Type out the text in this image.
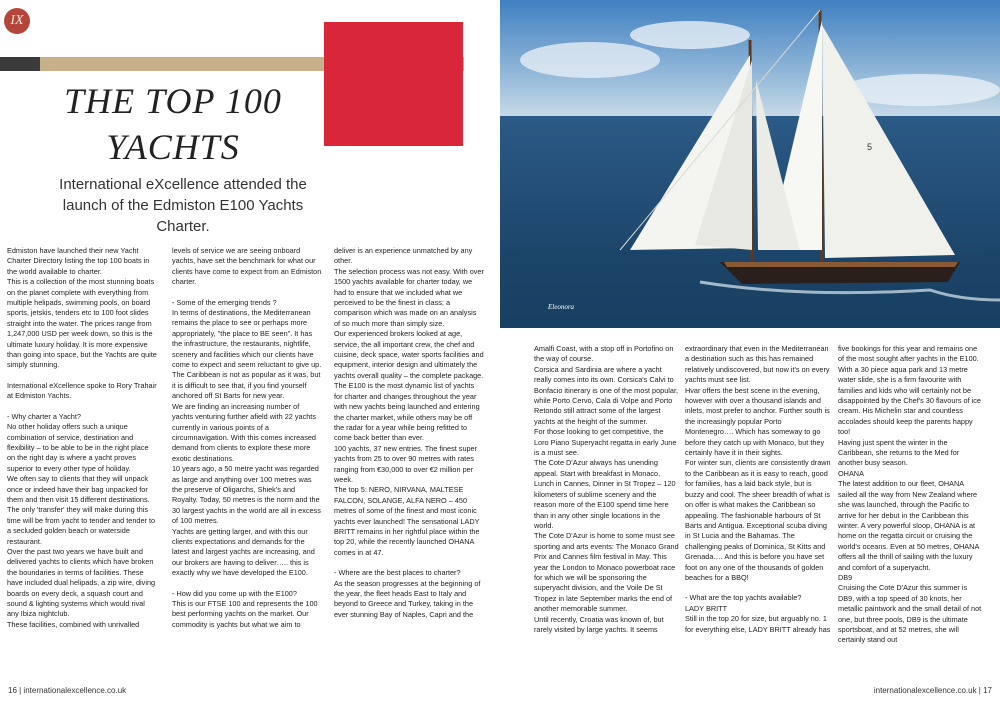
IX
THE TOP 100
YACHTS
International eXcellence attended the launch of the Edmiston E100 Yachts Charter.

Edmiston have launched their new Yacht Charter Directory listing the top 100 boats in the world available to charter.

This is a collection of the most stunning boats on the planet complete with everything from multiple helipads, swimming pools, on board sports, jetskis, tenders etc to 100 foot slides straight into the water. The prices range from 1,247,000 USD per week down, so this is the ultimate luxury holiday. It is more expensive than going into space, but the Yachts are quite simply stunning.

International eXcellence spoke to Rory Trahair at Edmiston Yachts.

- Why charter a Yacht?

No other holiday offers such a unique combination of service, destination and flexibility – to be able to be in the right place on the right day is where a yacht proves superior to every other type of holiday.

We often say to clients that they will unpack once or indeed have their bag unpacked for them and then visit 15 different destinations. The only 'transfer' they will make during this time will be from yacht to tender and tender to a secluded golden beach or waterside restaurant.

Over the past two years we have built and delivered yachts to clients which have broken the boundaries in terms of facilities. These have included dual helipads, a zip wire, diving boards on every deck, a squash court and sound & lighting systems which would rival any Ibiza nightclub.

These facilities, combined with unrivalled

levels of service we are seeing onboard yachts, have set the benchmark for what our clients have come to expect from an Edmiston charter.

- Some of the emerging trends ?

In terms of destinations, the Mediterranean remains the place to see or perhaps more appropriately, "the place to BE seen". It has the infrastructure, the restaurants, nightlife, scenery and facilities which our clients have come to expect and seem reluctant to give up. The Caribbean is not as popular as it was, but it is difficult to see that, if you find yourself anchored off St Barts for new year.

We are finding an increasing number of yachts venturing further afield with 22 yachts currently in various points of a circumnavigation. With this comes increased demand from clients to explore these more exotic destinations.

10 years ago, a 50 metre yacht was regarded as large and anything over 100 metres was the preserve of Oligarchs, Shiek's and Royalty. Today, 50 metres is the norm and the 30 largest yachts in the world are all in excess of 100 metres.

Yachts are getting larger, and with this our clients expectations and demands for the latest and largest yachts are increasing, and our brokers are having to deliver….. this is exactly why we have developed the E100.

- How did you come up with the E100?

This is our FTSE 100 and represents the 100 best performing yachts on the market. Our commodity is yachts but what we aim to

deliver is an experience unmatched by any other.

The selection process was not easy. With over 1500 yachts available for charter today, we had to ensure that we included what we perceived to be the finest in class; a comparison which was made on an analysis of so much more than simply size.

Our experienced brokers looked at age, service, the all important crew, the chef and cuisine, deck space, water sports facilities and equipment, interior design and ultimately the yachts overall quality – the complete package.

The E100 is the most dynamic list of yachts for charter and changes throughout the year with new yachts being launched and entering the charter market, while others may be off the radar for a year while being refitted to come back better than ever.

100 yachts, 37 new entries. The finest super yachts from 25 to over 90 metres with rates ranging from €30,000 to over €2 million per week.

The top 5: NERO, NIRVANA, MALTESE FALCON, SOLANGE, ALFA NERO – 450 metres of some of the finest and most iconic yachts ever launched! The sensational LADY BRITT remains in her rightful place within the top 20, while the recently launched OHANA comes in at 47.

- Where are the best places to charter?

As the season progresses at the beginning of the year, the fleet heads East to Italy and beyond to Greece and Turkey, taking in the ever stunning Bay of Naples, Capri and the

16 | internationalexcellence.co.uk
5
Eleonora

Amalfi Coast, with a stop off in Portofino on the way of course.

Corsica and Sardinia are where a yacht really comes into its own. Corsica's Calvi to Bonfacio itinerary is one of the most popular, while Porto Cervo, Cala di Volpe and Porto Retondo still attract some of the largest yachts at the height of the summer.

For those looking to get competitive, the Loro Piano Superyacht regatta in early June is a must see.

The Cote D'Azur always has unending appeal. Start with breakfast in Monaco, Lunch in Cannes, Dinner in St Tropez – 120 kilometers of sublime scenery and the reason more of the E100 spend time here than in any other single locations in the world.

The Cote D'Azur is home to some must see sporting and arts events: The Monaco Grand Prix and Cannes film festival in May. This year the London to Monaco powerboat race for which we will be sponsoring the superyacht division, and the Voile De St Tropez in late September marks the end of another memorable summer.

Until recently, Croatia was known of, but rarely visited by large yachts. It seems

extraordinary that even in the Mediterranean a destination such as this has remained relatively undiscovered, but now it's on every yachts must see list.

Hvar offers the best scene in the evening, however with over a thousand islands and inlets, most prefer to anchor. Further south is the increasingly popular Porto Montenegro…. Which has someway to go before they catch up with Monaco, but they certainly have it in their sights.

For winter sun, clients are consistently drawn to the Caribbean as it is easy to reach, good for families, has a laid back style, but is buzzy and cool. The sheer breadth of what is on offer is what makes the Caribbean so appealing. The fashionable harbours of St Barts and Antigua. Exceptional scuba diving in St Lucia and the Bahamas. The challenging peaks of Dominica, St Kitts and Grenada…. And this is before you have set foot on any one of the thousands of golden beaches for a BBQ!

- What are the top yachts available?

LADY BRITT

Still in the top 20 for size, but arguably no. 1 for everything else, LADY BRITT already has

five bookings for this year and remains one of the most sought after yachts in the E100. With a 30 piece aqua park and 13 metre water slide, she is a firm favourite with families and kids who will certainly not be disappointed by the Chef's 30 flavours of ice cream. His Michelin star and countless accolades should keep the parents happy too!

Having just spent the winter in the Caribbean, she returns to the Med for another busy season.

OHANA

The latest addition to our fleet, OHANA sailed all the way from New Zealand where she was launched, through the Pacific to arrive for her debut in the Caribbean this winter. A very powerful sloop, OHANA is at home on the regatta circuit or cruising the world's oceans. Even at 50 metres, OHANA offers all the thrill of sailing with the luxury and comfort of a superyacht.

DB9

Cruising the Cote D'Azur this summer is DB9, with a top speed of 30 knots, her metallic paintwork and the small detail of not one, but three pools, DB9 is the ultimate sportsboat, and at 52 metres, she will certainly stand out

internationalexcellence.co.uk | 17
